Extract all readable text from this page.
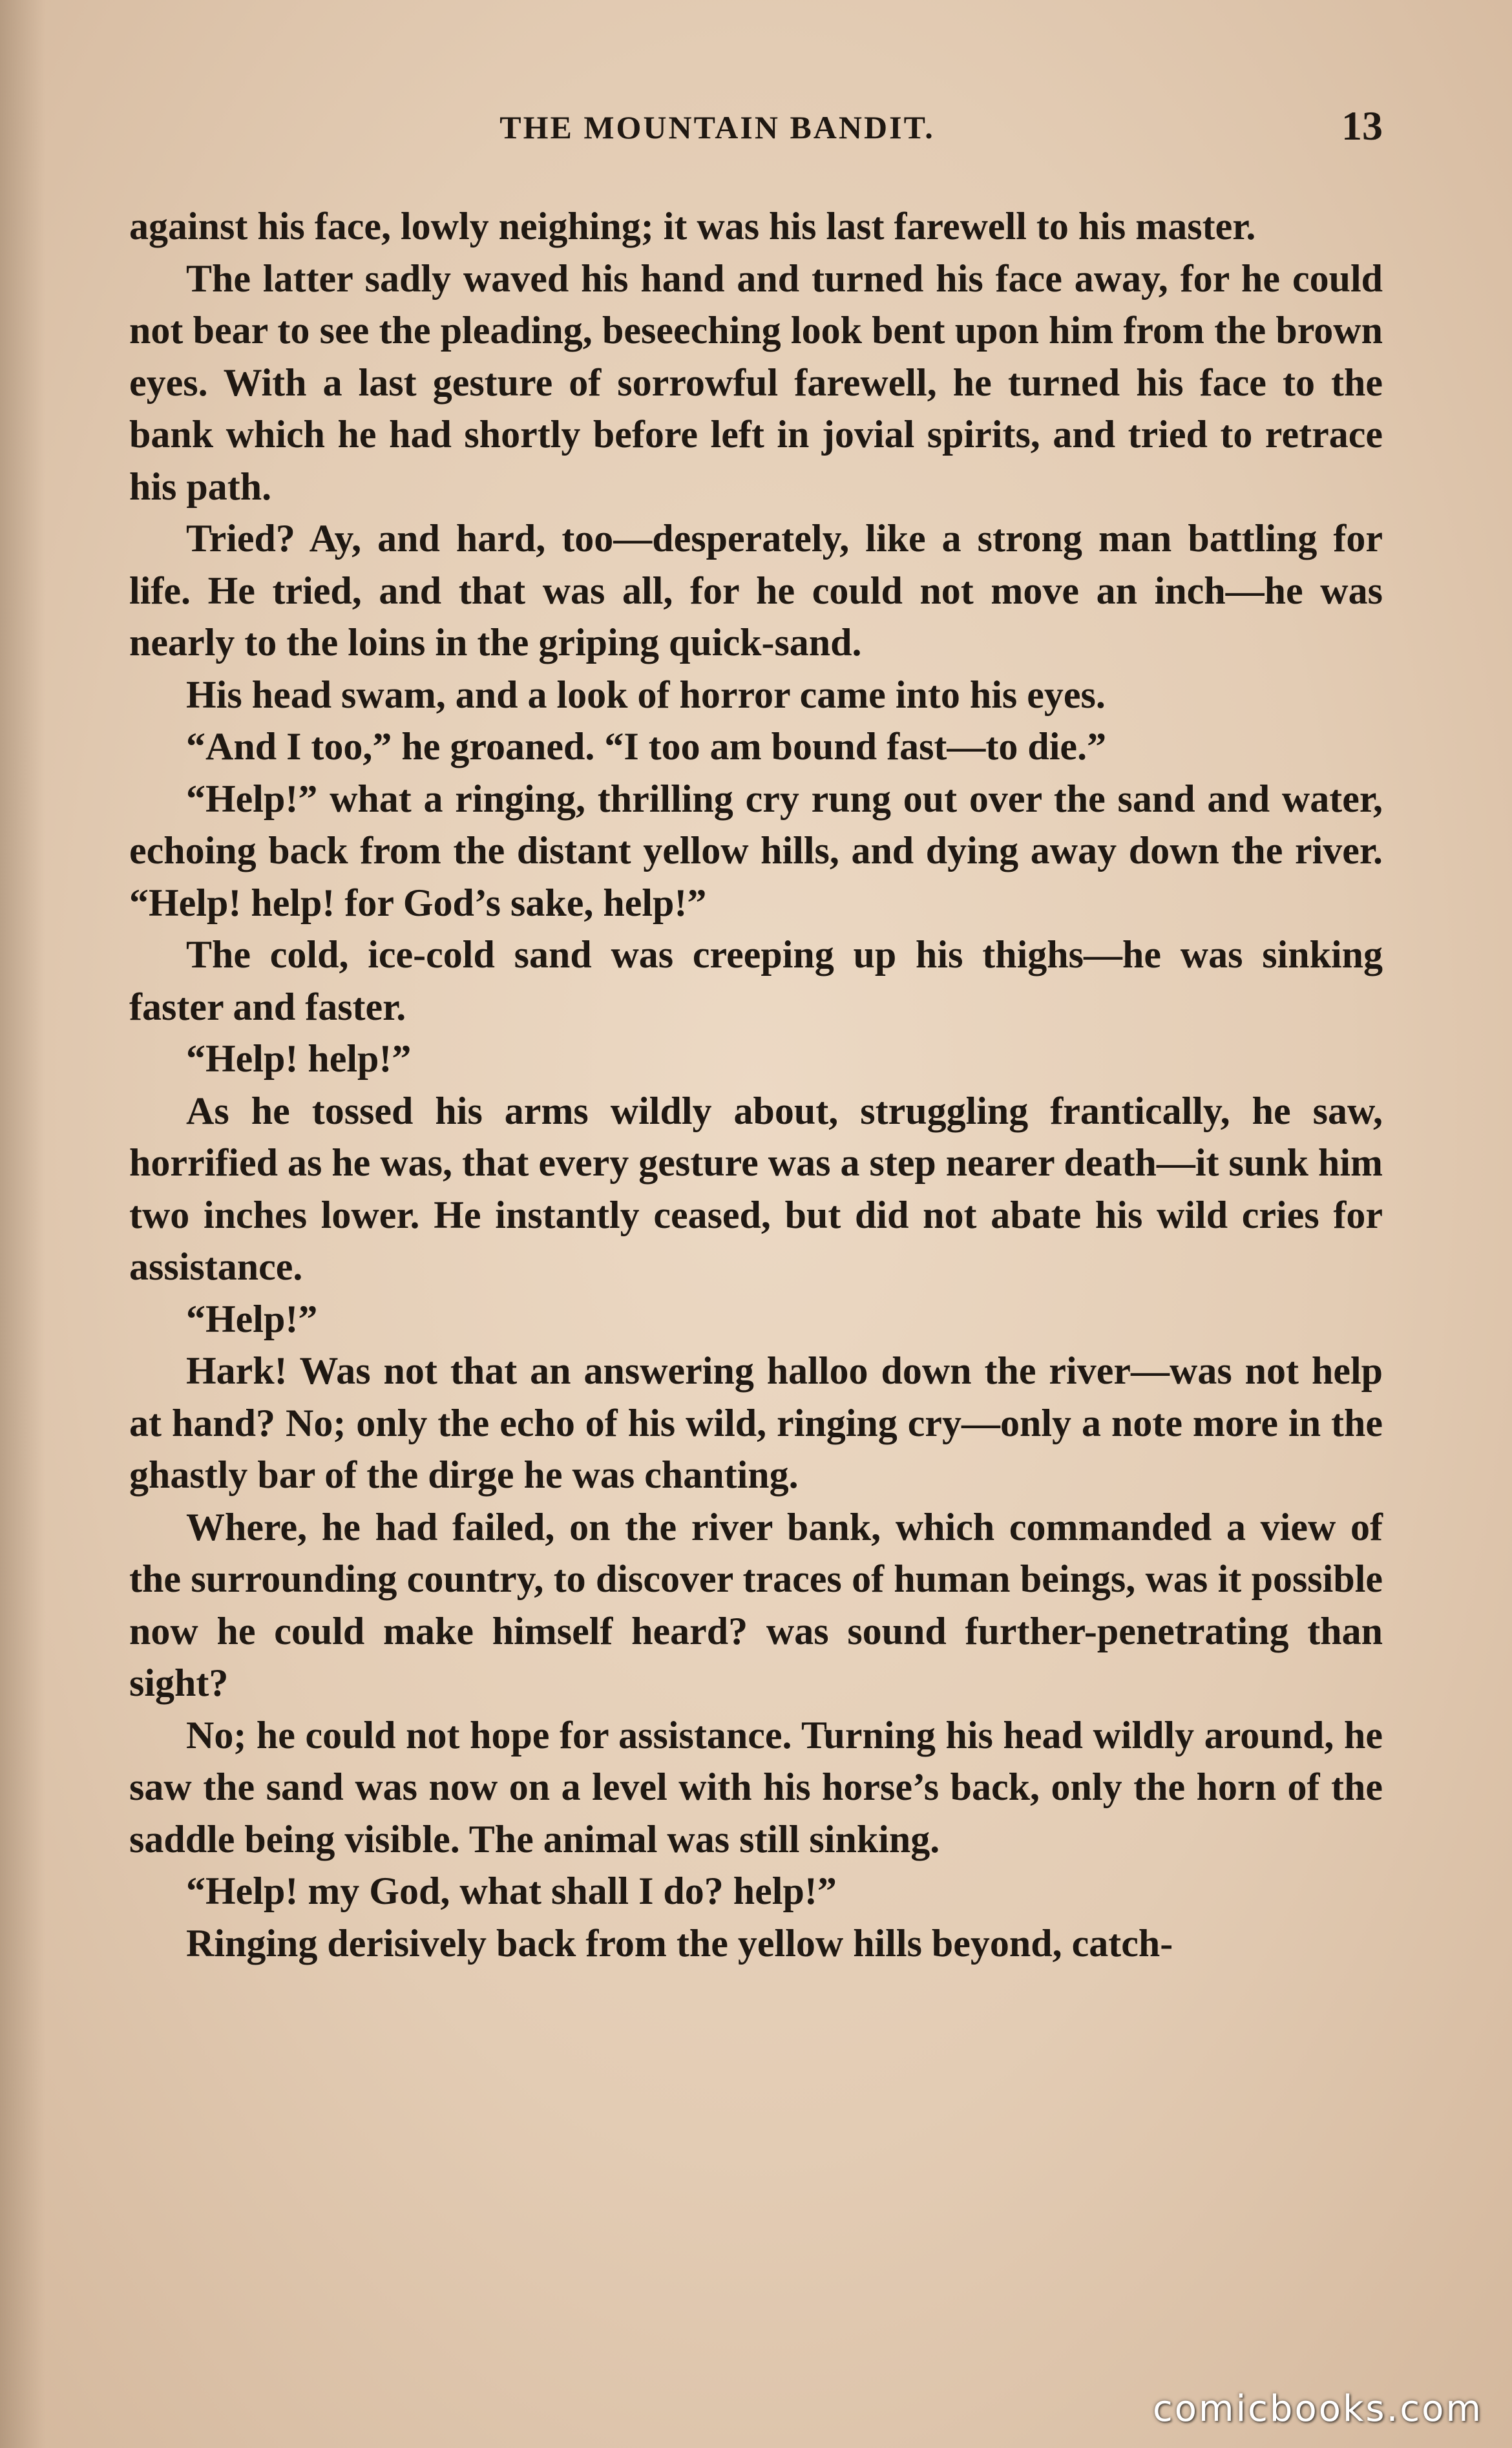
THE MOUNTAIN BANDIT.	13

against his face, lowly neighing; it was his last farewell to his master.

The latter sadly waved his hand and turned his face away, for he could not bear to see the pleading, beseeching look bent upon him from the brown eyes. With a last gesture of sorrowful farewell, he turned his face to the bank which he had shortly before left in jovial spirits, and tried to retrace his path.

Tried? Ay, and hard, too—desperately, like a strong man battling for life. He tried, and that was all, for he could not move an inch—he was nearly to the loins in the griping quick-sand.

His head swam, and a look of horror came into his eyes.

“And I too,” he groaned. “I too am bound fast—to die.”

“Help!” what a ringing, thrilling cry rung out over the sand and water, echoing back from the distant yellow hills, and dying away down the river. “Help! help! for God’s sake, help!”

The cold, ice-cold sand was creeping up his thighs—he was sinking faster and faster.

“Help! help!”

As he tossed his arms wildly about, struggling frantically, he saw, horrified as he was, that every gesture was a step nearer death—it sunk him two inches lower. He instantly ceased, but did not abate his wild cries for assistance.

“Help!”

Hark! Was not that an answering halloo down the river—was not help at hand? No; only the echo of his wild, ringing cry—only a note more in the ghastly bar of the dirge he was chanting.

Where, he had failed, on the river bank, which commanded a view of the surrounding country, to discover traces of human beings, was it possible now he could make himself heard? was sound further-penetrating than sight?

No; he could not hope for assistance. Turning his head wildly around, he saw the sand was now on a level with his horse’s back, only the horn of the saddle being visible. The animal was still sinking.

“Help! my God, what shall I do? help!”

Ringing derisively back from the yellow hills beyond, catch-

comicbooks.com
